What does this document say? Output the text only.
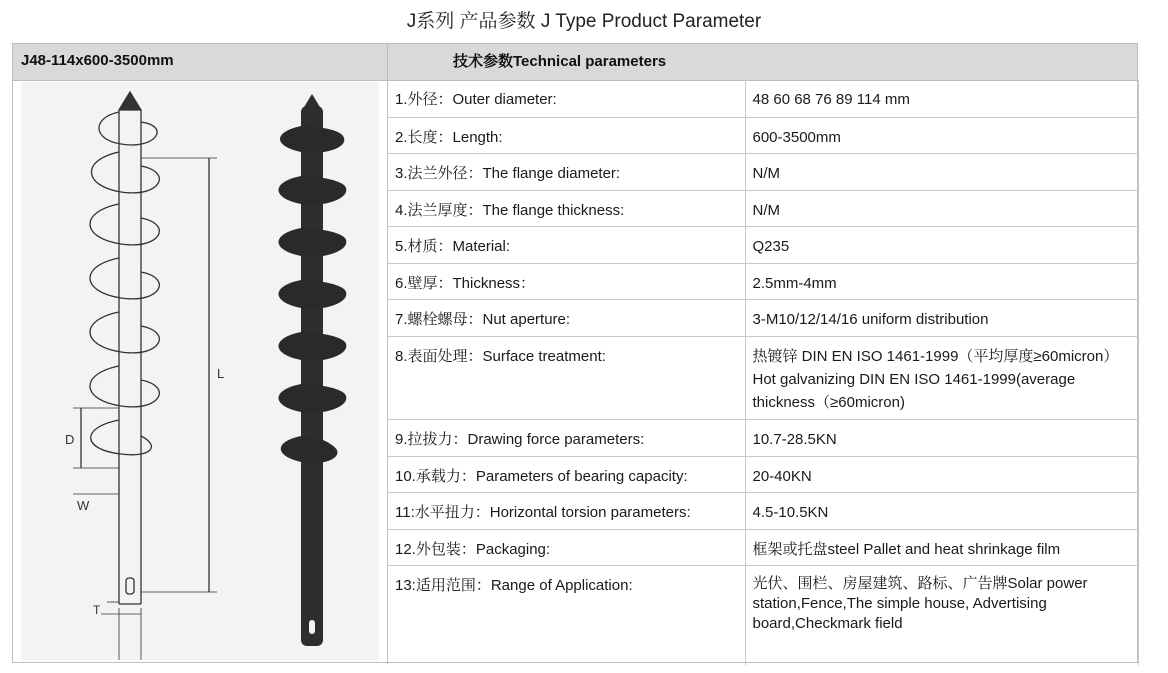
J系列 产品参数 J Type Product Parameter
J48-114x600-3500mm	技术参数Technical parameters
L
D
W
T
1.外径：Outer diameter:	48 60 68 76 89 114 mm
2.长度：Length:	600-3500mm
3.法兰外径：The flange diameter:	N/M
4.法兰厚度：The flange thickness:	N/M
5.材质：Material:	Q235
6.壁厚：Thickness：	2.5mm-4mm
7.螺栓螺母：Nut aperture:	3-M10/12/14/16 uniform distribution
8.表面处理：Surface treatment:	热镀锌 DIN EN ISO 1461-1999（平均厚度≥60micron）Hot galvanizing DIN EN ISO 1461-1999(average thickness（≥60micron)
9.拉拔力：Drawing force parameters:	10.7-28.5KN
10.承载力：Parameters of bearing capacity:	20-40KN
11:水平扭力：Horizontal torsion parameters:	4.5-10.5KN
12.外包装：Packaging:	框架或托盘steel Pallet and heat shrinkage film
13:适用范围：Range of Application:	光伏、围栏、房屋建筑、路标、广告牌Solar power station,Fence,The simple house, Advertising board,Checkmark field
